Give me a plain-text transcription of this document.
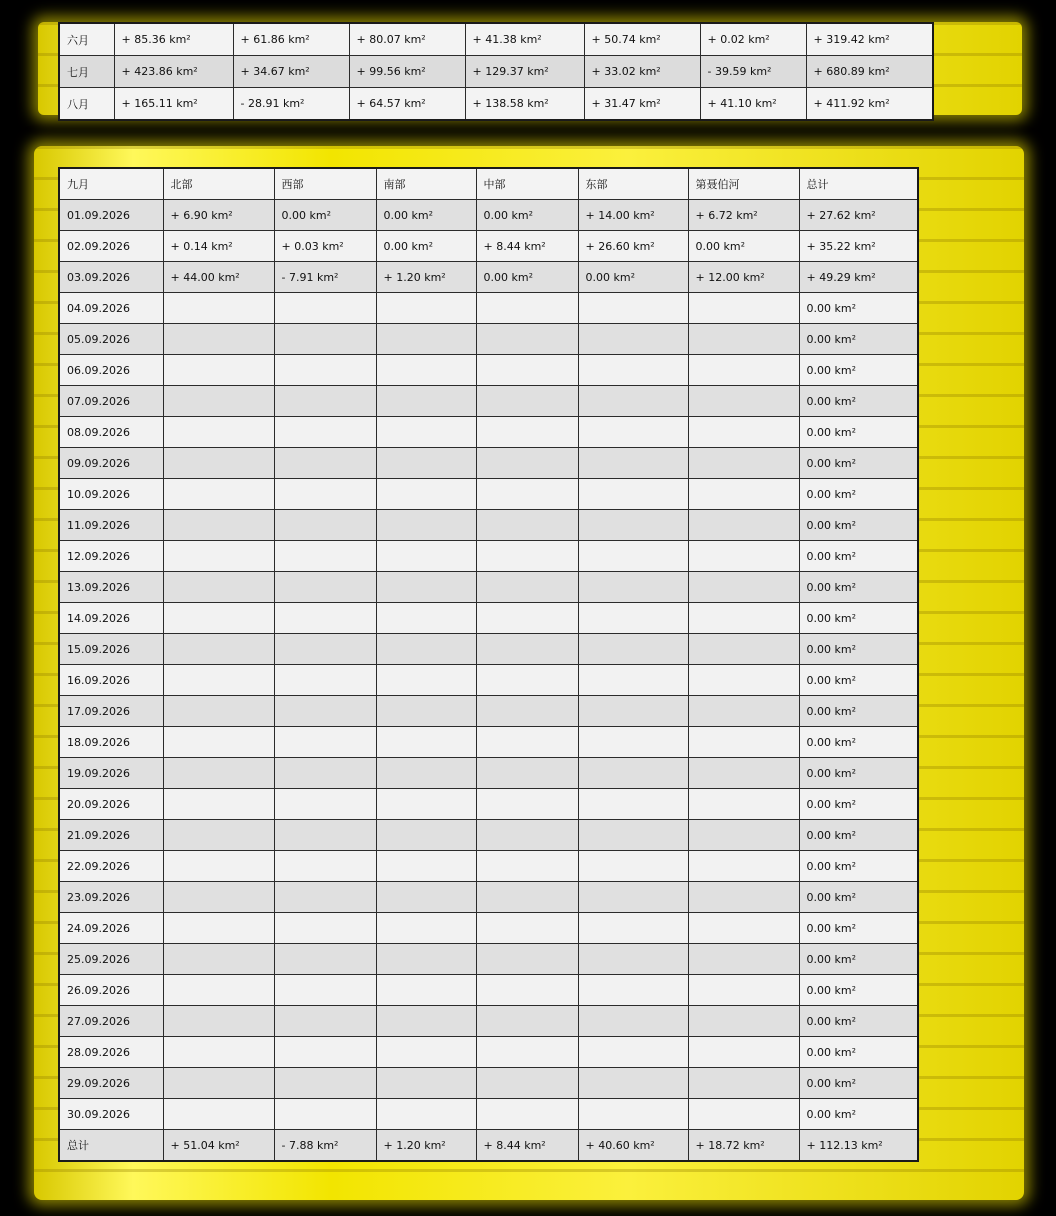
六月	+ 85.36 km²	+ 61.86 km²	+ 80.07 km²	+ 41.38 km²	+ 50.74 km²	+ 0.02 km²	+ 319.42 km²
七月	+ 423.86 km²	+ 34.67 km²	+ 99.56 km²	+ 129.37 km²	+ 33.02 km²	- 39.59 km²	+ 680.89 km²
八月	+ 165.11 km²	- 28.91 km²	+ 64.57 km²	+ 138.58 km²	+ 31.47 km²	+ 41.10 km²	+ 411.92 km²
九月	北部	西部	南部	中部	东部	第聂伯河	总计
01.09.2026	+ 6.90 km²	0.00 km²	0.00 km²	0.00 km²	+ 14.00 km²	+ 6.72 km²	+ 27.62 km²
02.09.2026	+ 0.14 km²	+ 0.03 km²	0.00 km²	+ 8.44 km²	+ 26.60 km²	0.00 km²	+ 35.22 km²
03.09.2026	+ 44.00 km²	- 7.91 km²	+ 1.20 km²	0.00 km²	0.00 km²	+ 12.00 km²	+ 49.29 km²
04.09.2026							0.00 km²
05.09.2026							0.00 km²
06.09.2026							0.00 km²
07.09.2026							0.00 km²
08.09.2026							0.00 km²
09.09.2026							0.00 km²
10.09.2026							0.00 km²
11.09.2026							0.00 km²
12.09.2026							0.00 km²
13.09.2026							0.00 km²
14.09.2026							0.00 km²
15.09.2026							0.00 km²
16.09.2026							0.00 km²
17.09.2026							0.00 km²
18.09.2026							0.00 km²
19.09.2026							0.00 km²
20.09.2026							0.00 km²
21.09.2026							0.00 km²
22.09.2026							0.00 km²
23.09.2026							0.00 km²
24.09.2026							0.00 km²
25.09.2026							0.00 km²
26.09.2026							0.00 km²
27.09.2026							0.00 km²
28.09.2026							0.00 km²
29.09.2026							0.00 km²
30.09.2026							0.00 km²
总计	+ 51.04 km²	- 7.88 km²	+ 1.20 km²	+ 8.44 km²	+ 40.60 km²	+ 18.72 km²	+ 112.13 km²
